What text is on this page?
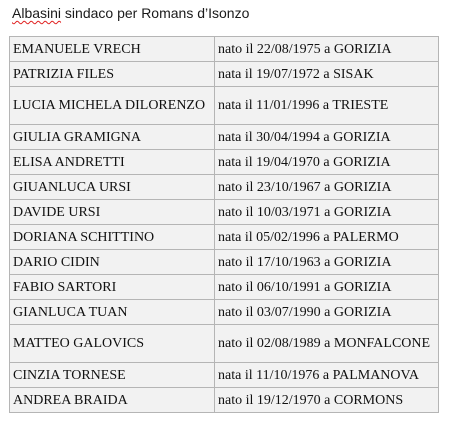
Albasini sindaco per Romans d’Isonzo
EMANUELE VRECH	nato il 22/08/1975 a GORIZIA
PATRIZIA FILES	nata il 19/07/1972 a SISAK
LUCIA MICHELA DILORENZO	nata il 11/01/1996 a TRIESTE
GIULIA GRAMIGNA	nata il 30/04/1994 a GORIZIA
ELISA ANDRETTI	nata il 19/04/1970 a GORIZIA
GIUANLUCA URSI	nato il 23/10/1967 a GORIZIA
DAVIDE URSI	nato il 10/03/1971 a GORIZIA
DORIANA SCHITTINO	nata il 05/02/1996 a PALERMO
DARIO CIDIN	nato il 17/10/1963 a GORIZIA
FABIO SARTORI	nato il 06/10/1991 a GORIZIA
GIANLUCA TUAN	nato il 03/07/1990 a GORIZIA
MATTEO GALOVICS	nato il 02/08/1989 a MONFALCONE
CINZIA TORNESE	nata il 11/10/1976 a PALMANOVA
ANDREA BRAIDA	nato il 19/12/1970 a CORMONS
